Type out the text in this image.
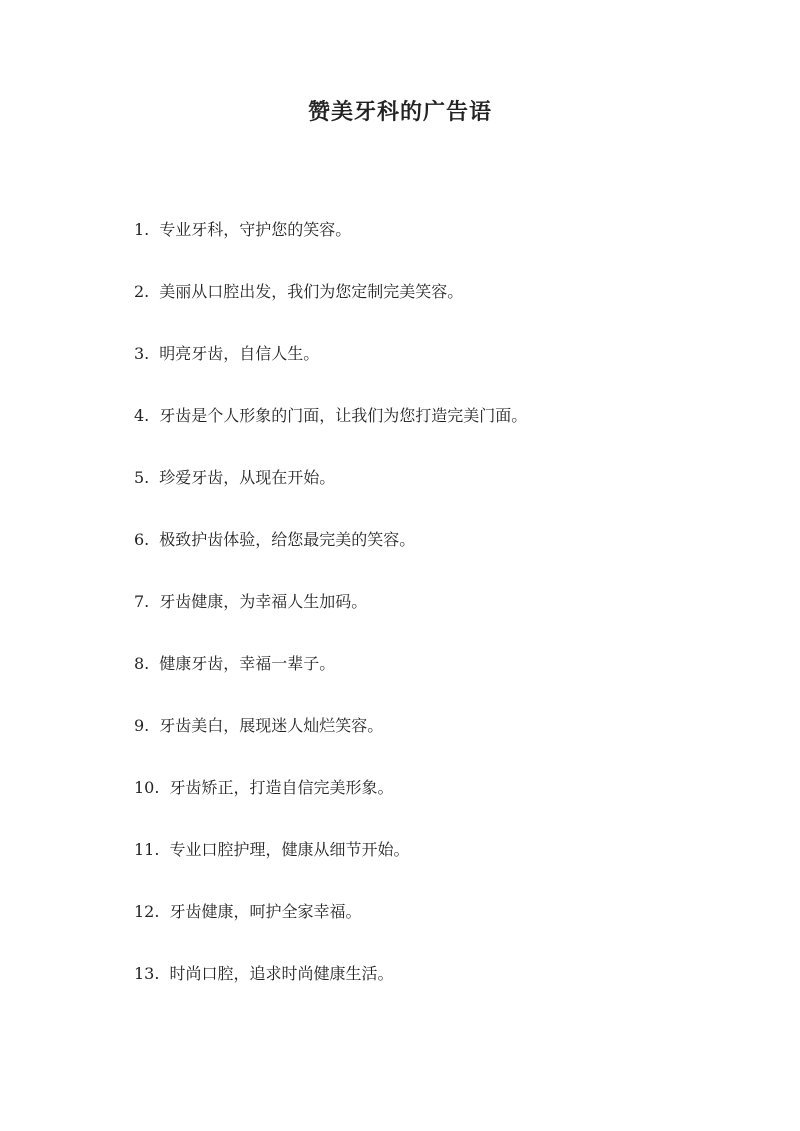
赞美牙科的广告语
1. 专业牙科，守护您的笑容。
2. 美丽从口腔出发，我们为您定制完美笑容。
3. 明亮牙齿，自信人生。
4. 牙齿是个人形象的门面，让我们为您打造完美门面。
5. 珍爱牙齿，从现在开始。
6. 极致护齿体验，给您最完美的笑容。
7. 牙齿健康，为幸福人生加码。
8. 健康牙齿，幸福一辈子。
9. 牙齿美白，展现迷人灿烂笑容。
10. 牙齿矫正，打造自信完美形象。
11. 专业口腔护理，健康从细节开始。
12. 牙齿健康，呵护全家幸福。
13. 时尚口腔，追求时尚健康生活。
